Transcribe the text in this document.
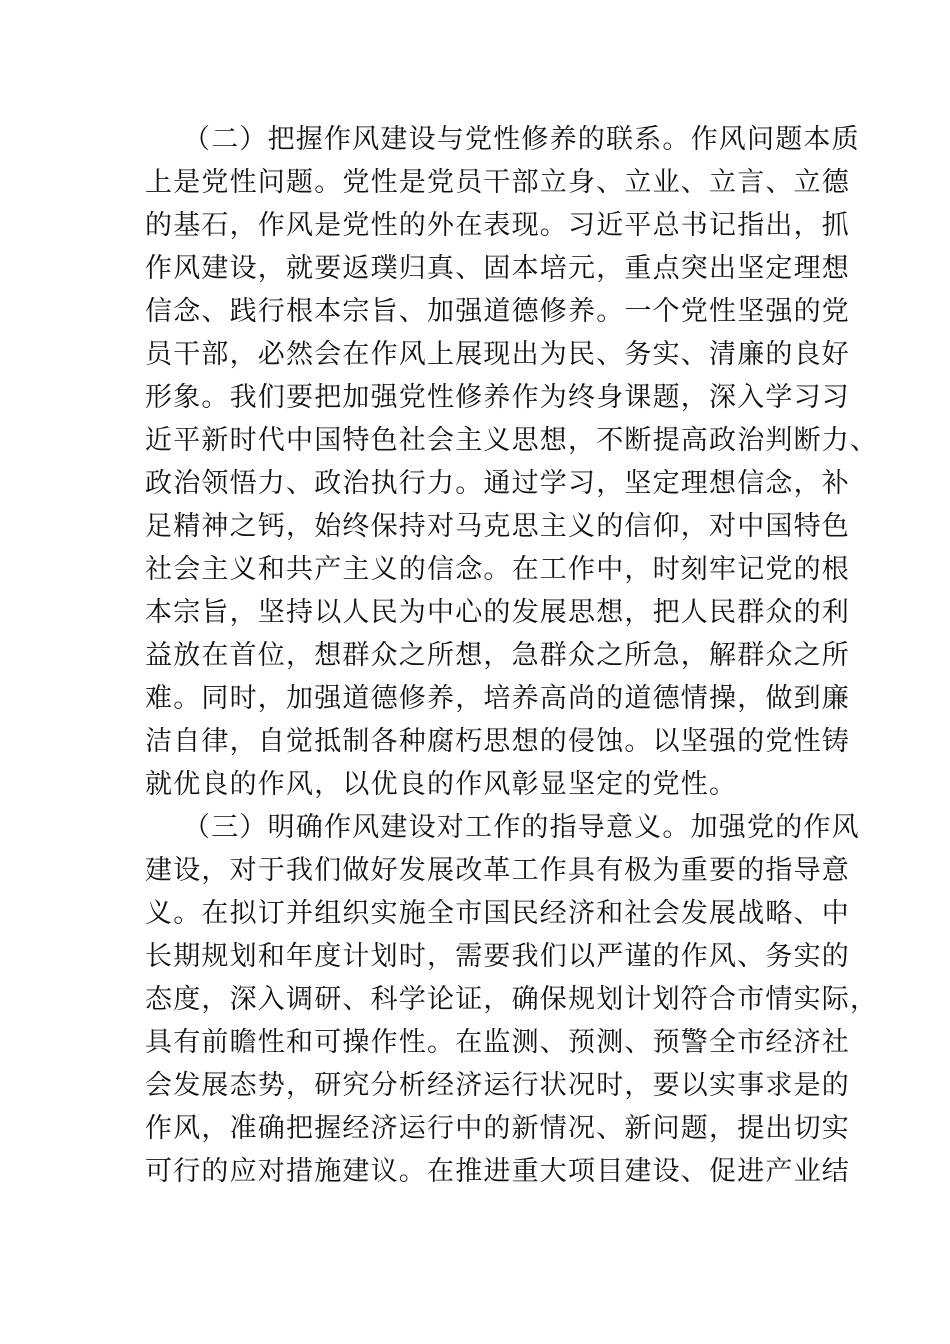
（二）把握作风建设与党性修养的联系。作风问题本质
上是党性问题。党性是党员干部立身、立业、立言、立德
的基石，作风是党性的外在表现。习近平总书记指出，抓
作风建设，就要返璞归真、固本培元，重点突出坚定理想
信念、践行根本宗旨、加强道德修养。一个党性坚强的党
员干部，必然会在作风上展现出为民、务实、清廉的良好
形象。我们要把加强党性修养作为终身课题，深入学习习
近平新时代中国特色社会主义思想，不断提高政治判断力、
政治领悟力、政治执行力。通过学习，坚定理想信念，补
足精神之钙，始终保持对马克思主义的信仰，对中国特色
社会主义和共产主义的信念。在工作中，时刻牢记党的根
本宗旨，坚持以人民为中心的发展思想，把人民群众的利
益放在首位，想群众之所想，急群众之所急，解群众之所
难。同时，加强道德修养，培养高尚的道德情操，做到廉
洁自律，自觉抵制各种腐朽思想的侵蚀。以坚强的党性铸
就优良的作风，以优良的作风彰显坚定的党性。
（三）明确作风建设对工作的指导意义。加强党的作风
建设，对于我们做好发展改革工作具有极为重要的指导意
义。在拟订并组织实施全市国民经济和社会发展战略、中
长期规划和年度计划时，需要我们以严谨的作风、务实的
态度，深入调研、科学论证，确保规划计划符合市情实际，
具有前瞻性和可操作性。在监测、预测、预警全市经济社
会发展态势，研究分析经济运行状况时，要以实事求是的
作风，准确把握经济运行中的新情况、新问题，提出切实
可行的应对措施建议。在推进重大项目建设、促进产业结
